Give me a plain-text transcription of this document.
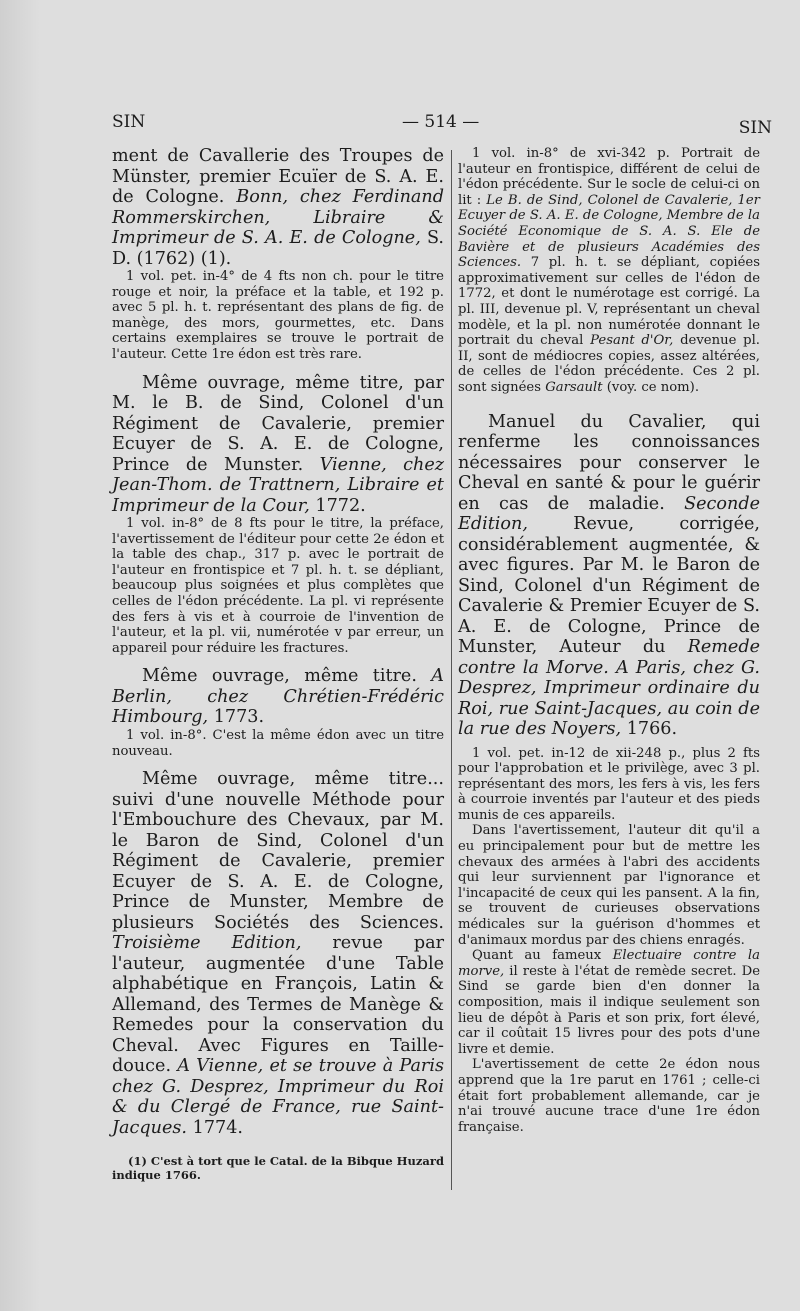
SIN	— 514 —	SIN

ment de Cavallerie des Troupes de Münster, premier Ecuïer de S. A. E. de Cologne. Bonn, chez Ferdinand Rommerskirchen, Libraire & Imprimeur de S. A. E. de Cologne, S. D. (1762) (1).

1 vol. pet. in-4° de 4 fts non ch. pour le titre rouge et noir, la préface et la table, et 192 p. avec 5 pl. h. t. représentant des plans de fig. de manège, des mors, gourmettes, etc. Dans certains exemplaires se trouve le portrait de l'auteur. Cette 1re édon est très rare.

Même ouvrage, même titre, par M. le B. de Sind, Colonel d'un Régiment de Cavalerie, premier Ecuyer de S. A. E. de Cologne, Prince de Munster. Vienne, chez Jean-Thom. de Trattnern, Libraire et Imprimeur de la Cour, 1772.

1 vol. in-8° de 8 fts pour le titre, la préface, l'avertissement de l'éditeur pour cette 2e édon et la table des chap., 317 p. avec le portrait de l'auteur en frontispice et 7 pl. h. t. se dépliant, beaucoup plus soignées et plus complètes que celles de l'édon précédente. La pl. vi représente des fers à vis et à courroie de l'invention de l'auteur, et la pl. vii, numérotée v par erreur, un appareil pour réduire les fractures.

Même ouvrage, même titre. A Berlin, chez Chrétien-Frédéric Himbourg, 1773.

1 vol. in-8°. C'est la même édon avec un titre nouveau.

Même ouvrage, même titre... suivi d'une nouvelle Méthode pour l'Embouchure des Chevaux, par M. le Baron de Sind, Colonel d'un Régiment de Cavalerie, premier Ecuyer de S. A. E. de Cologne, Prince de Munster, Membre de plusieurs Sociétés des Sciences. Troisième Edition, revue par l'auteur, augmentée d'une Table alphabétique en François, Latin & Allemand, des Termes de Manège & Remedes pour la conservation du Cheval. Avec Figures en Taille-douce. A Vienne, et se trouve à Paris chez G. Desprez, Imprimeur du Roi & du Clergé de France, rue Saint-Jacques. 1774.

(1) C'est à tort que le Catal. de la Bibque Huzard indique 1766.

1 vol. in-8° de xvi-342 p. Portrait de l'auteur en frontispice, différent de celui de l'édon précédente. Sur le socle de celui-ci on lit : Le B. de Sind, Colonel de Cavalerie, 1er Ecuyer de S. A. E. de Cologne, Membre de la Société Economique de S. A. S. Ele de Bavière et de plusieurs Académies des Sciences. 7 pl. h. t. se dépliant, copiées approximativement sur celles de l'édon de 1772, et dont le numérotage est corrigé. La pl. III, devenue pl. V, représentant un cheval modèle, et la pl. non numérotée donnant le portrait du cheval Pesant d'Or, devenue pl. II, sont de médiocres copies, assez altérées, de celles de l'édon précédente. Ces 2 pl. sont signées Garsault (voy. ce nom).

Manuel du Cavalier, qui renferme les connoissances nécessaires pour conserver le Cheval en santé & pour le guérir en cas de maladie. Seconde Edition,	Revue, corrigée, considérablement augmentée, & avec figures. Par M. le Baron de Sind, Colonel d'un Régiment de Cavalerie & Premier Ecuyer de S. A. E. de Cologne, Prince de Munster, Auteur du Remede contre la Morve. A Paris, chez G. Desprez, Imprimeur ordinaire du Roi, rue Saint-Jacques, au coin de la rue des Noyers, 1766.

1 vol. pet. in-12 de xii-248 p., plus 2 fts pour l'approbation et le privilège, avec 3 pl. représentant des mors, les fers à vis, les fers à courroie inventés par l'auteur et des pieds munis de ces appareils.

Dans l'avertissement, l'auteur dit qu'il a eu principalement pour but de mettre les chevaux des armées à l'abri des accidents qui leur surviennent par l'ignorance et l'incapacité de ceux qui les pansent. A la fin, se trouvent de curieuses observations médicales sur la guérison d'hommes et d'animaux mordus par des chiens enragés.

Quant au fameux Electuaire contre la morve, il reste à l'état de remède secret. De Sind se garde bien d'en donner la composition, mais il indique seulement son lieu de dépôt à Paris et son prix, fort élevé, car il coûtait 15 livres pour des pots d'une livre et demie.

L'avertissement de cette 2e édon nous apprend que la 1re parut en 1761 ; celle-ci était fort probablement allemande, car je n'ai trouvé aucune trace d'une 1re édon française.
